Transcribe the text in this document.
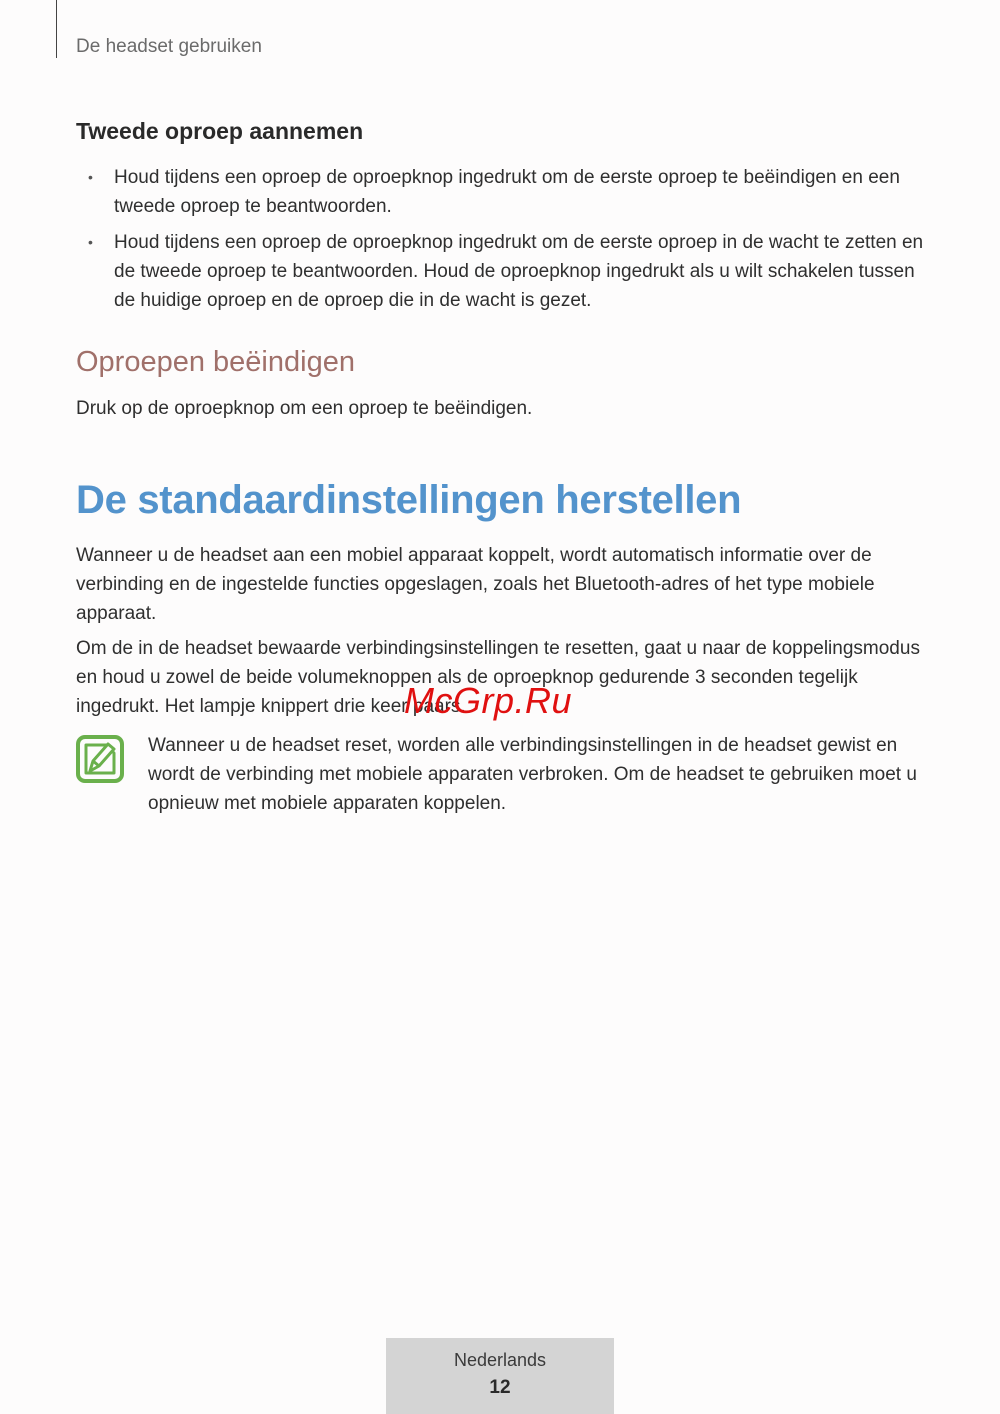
De headset gebruiken
Tweede oproep aannemen
• Houd tijdens een oproep de oproepknop ingedrukt om de eerste oproep te beëindigen en een tweede oproep te beantwoorden.
• Houd tijdens een oproep de oproepknop ingedrukt om de eerste oproep in de wacht te zetten en de tweede oproep te beantwoorden. Houd de oproepknop ingedrukt als u wilt schakelen tussen de huidige oproep en de oproep die in de wacht is gezet.
Oproepen beëindigen

Druk op de oproepknop om een oproep te beëindigen.

De standaardinstellingen herstellen

Wanneer u de headset aan een mobiel apparaat koppelt, wordt automatisch informatie over de verbinding en de ingestelde functies opgeslagen, zoals het Bluetooth-adres of het type mobiele apparaat.

Om de in de headset bewaarde verbindingsinstellingen te resetten, gaat u naar de koppelingsmodus en houd u zowel de beide volumeknoppen als de oproepknop gedurende 3 seconden tegelijk ingedrukt. Het lampje knippert drie keer paars.

Wanneer u de headset reset, worden alle verbindingsinstellingen in de headset gewist en wordt de verbinding met mobiele apparaten verbroken. Om de headset te gebruiken moet u opnieuw met mobiele apparaten koppelen.

McGrp.Ru
Nederlands
12
